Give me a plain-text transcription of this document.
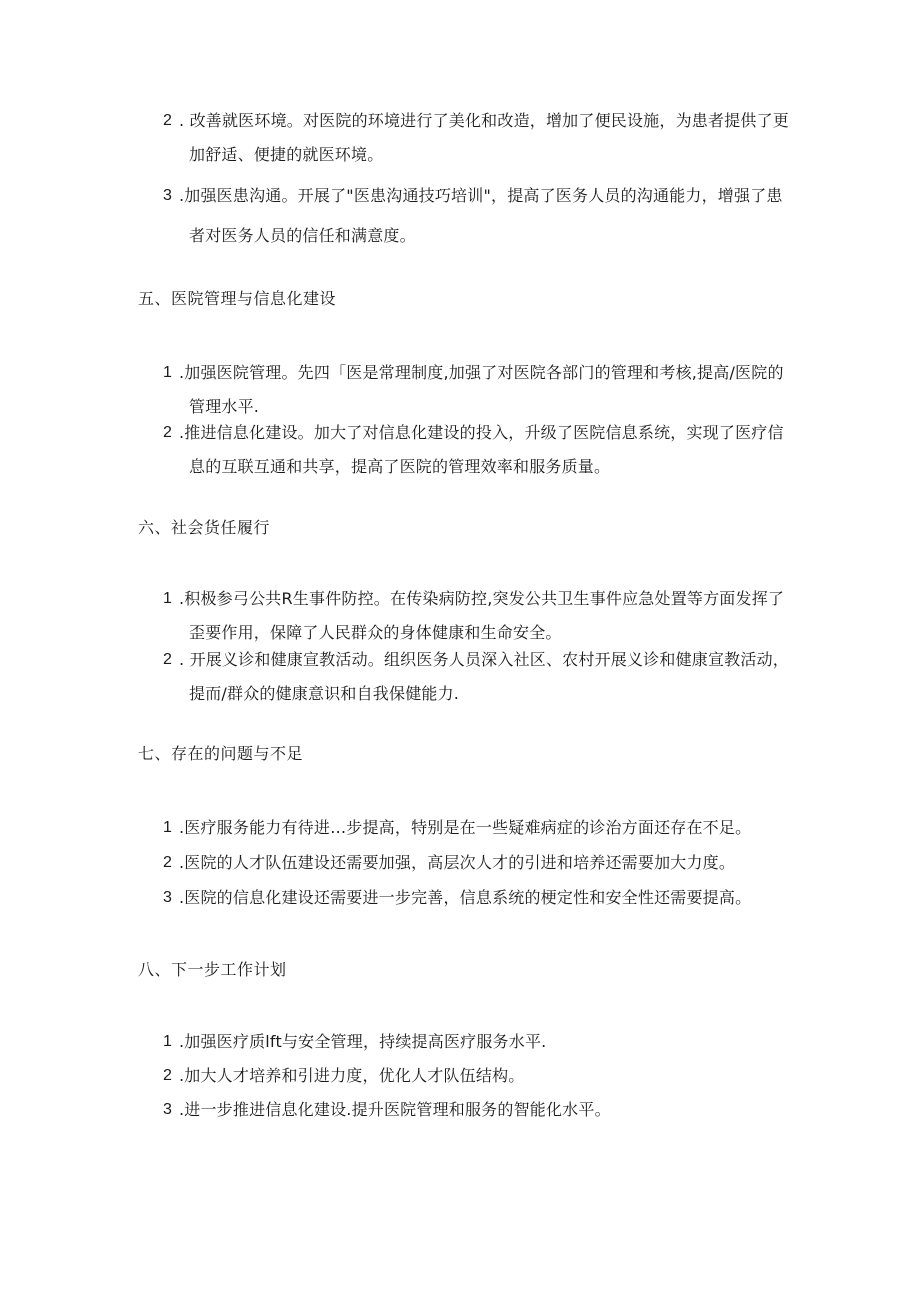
2 . 改善就医环境。对医院的环境进行了美化和改造，增加了便民设施，为患者提供了更加舒适、便捷的就医环境。
3 .加强医患沟通。开展了"医患沟通技巧培训"，提高了医务人员的沟通能力，增强了患者对医务人员的信任和满意度。
五、医院管理与信息化建设
1 .加强医院管理。先四「医是常理制度,加强了对医院各部门的管理和考核,提高/医院的管理水平.
2 .推进信息化建设。加大了对信息化建设的投入，升级了医院信息系统，实现了医疗信息的互联互通和共享，提高了医院的管理效率和服务质量。
六、社会货任履行
1 .积极参弓公共R生事件防控。在传染病防控,突发公共卫生事件应急处置等方面发挥了歪要作用，保障了人民群众的身体健康和生命安全。
2 . 开展义诊和健康宣教活动。组织医务人员深入社区、农村开展义诊和健康宣教活动，提而/群众的健康意识和自我保健能力.
七、存在的问题与不足
1 .医疗服务能力有待进…步提高，特别是在一些疑难病症的诊治方面还存在不足。
2 .医院的人才队伍建设还需要加强，高层次人才的引进和培养还需要加大力度。
3 .医院的信息化建设还需要进一步完善，信息系统的梗定性和安全性还需要提高。
八、下一步工作计划
1 .加强医疗质lft与安全管理，持续提高医疗服务水平.
2 .加大人才培养和引进力度，优化人才队伍结构。
3 .进一步推进信息化建设.提升医院管理和服务的智能化水平。
